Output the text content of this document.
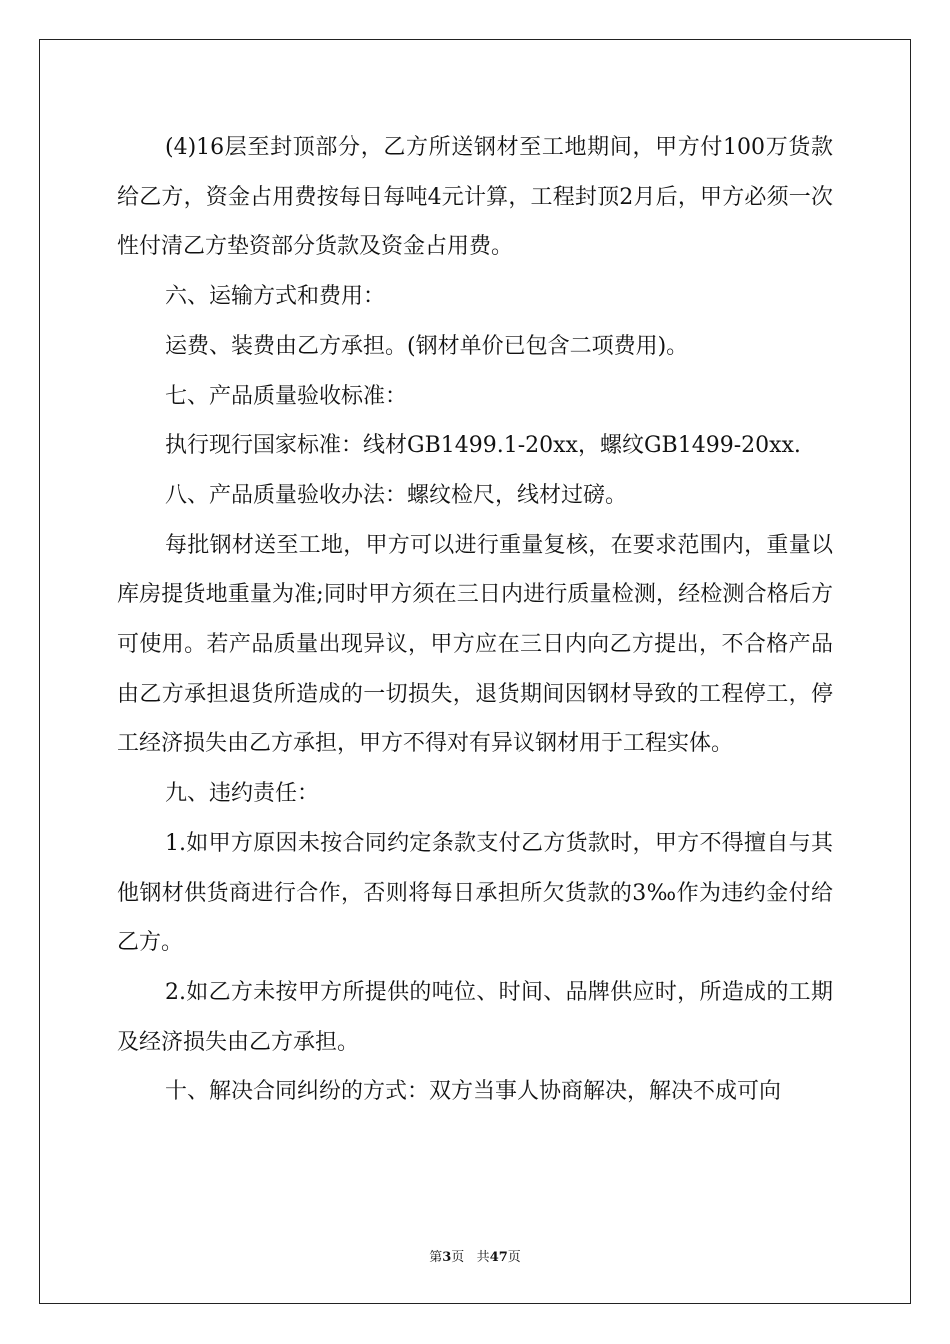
(4)16层至封顶部分，乙方所送钢材至工地期间，甲方付100万货款给乙方，资金占用费按每日每吨4元计算，工程封顶2月后，甲方必须一次性付清乙方垫资部分货款及资金占用费。

六、运输方式和费用：

运费、装费由乙方承担。(钢材单价已包含二项费用)。

七、产品质量验收标准：

执行现行国家标准：线材GB1499.1-20xx，螺纹GB1499-20xx.

八、产品质量验收办法：螺纹检尺，线材过磅。

每批钢材送至工地，甲方可以进行重量复核，在要求范围内，重量以库房提货地重量为准;同时甲方须在三日内进行质量检测，经检测合格后方可使用。若产品质量出现异议，甲方应在三日内向乙方提出，不合格产品由乙方承担退货所造成的一切损失，退货期间因钢材导致的工程停工，停工经济损失由乙方承担，甲方不得对有异议钢材用于工程实体。

九、违约责任：

1.如甲方原因未按合同约定条款支付乙方货款时，甲方不得擅自与其他钢材供货商进行合作，否则将每日承担所欠货款的3‰作为违约金付给乙方。

2.如乙方未按甲方所提供的吨位、时间、品牌供应时，所造成的工期及经济损失由乙方承担。

十、解决合同纠纷的方式：双方当事人协商解决，解决不成可向

第3页 共47页
